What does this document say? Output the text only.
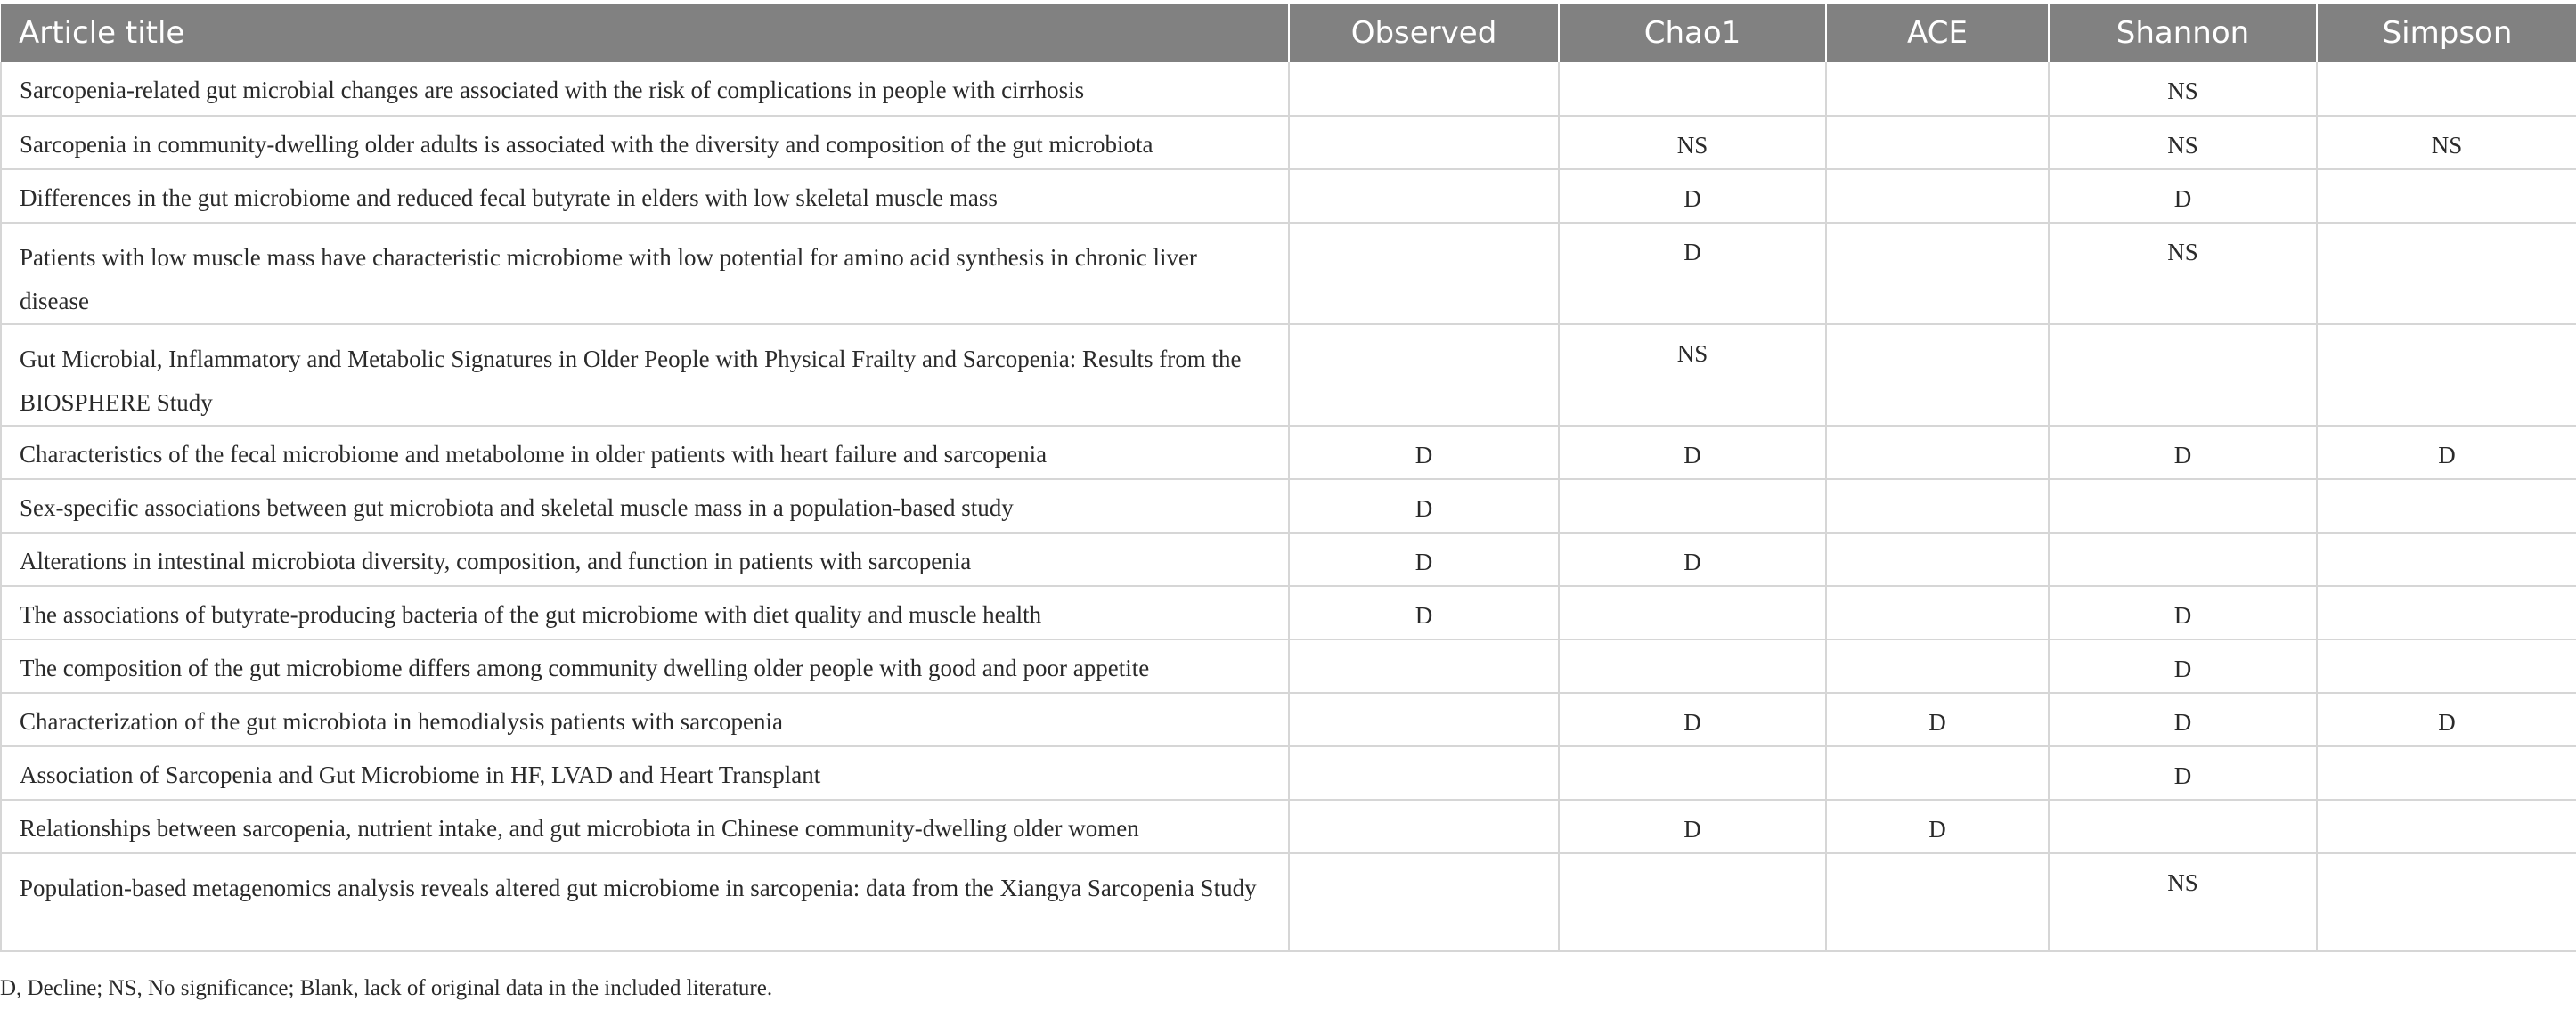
Article title	Observed	Chao1	ACE	Shannon	Simpson
Sarcopenia-related gut microbial changes are associated with the risk of complications in people with cirrhosis				NS	
Sarcopenia in community-dwelling older adults is associated with the diversity and composition of the gut microbiota		NS		NS	NS
Differences in the gut microbiome and reduced fecal butyrate in elders with low skeletal muscle mass		D		D	
Patients with low muscle mass have characteristic microbiome with low potential for amino acid synthesis in chronic liver disease		D		NS	
Gut Microbial, Inflammatory and Metabolic Signatures in Older People with Physical Frailty and Sarcopenia: Results from the BIOSPHERE Study		NS			
Characteristics of the fecal microbiome and metabolome in older patients with heart failure and sarcopenia	D	D		D	D
Sex-specific associations between gut microbiota and skeletal muscle mass in a population-based study	D				
Alterations in intestinal microbiota diversity, composition, and function in patients with sarcopenia	D	D			
The associations of butyrate-producing bacteria of the gut microbiome with diet quality and muscle health	D			D	
The composition of the gut microbiome differs among community dwelling older people with good and poor appetite				D	
Characterization of the gut microbiota in hemodialysis patients with sarcopenia		D	D	D	D
Association of Sarcopenia and Gut Microbiome in HF, LVAD and Heart Transplant				D	
Relationships between sarcopenia, nutrient intake, and gut microbiota in Chinese community-dwelling older women		D	D		
Population-based metagenomics analysis reveals altered gut microbiome in sarcopenia: data from the Xiangya Sarcopenia Study				NS	
D, Decline; NS, No significance; Blank, lack of original data in the included literature.
